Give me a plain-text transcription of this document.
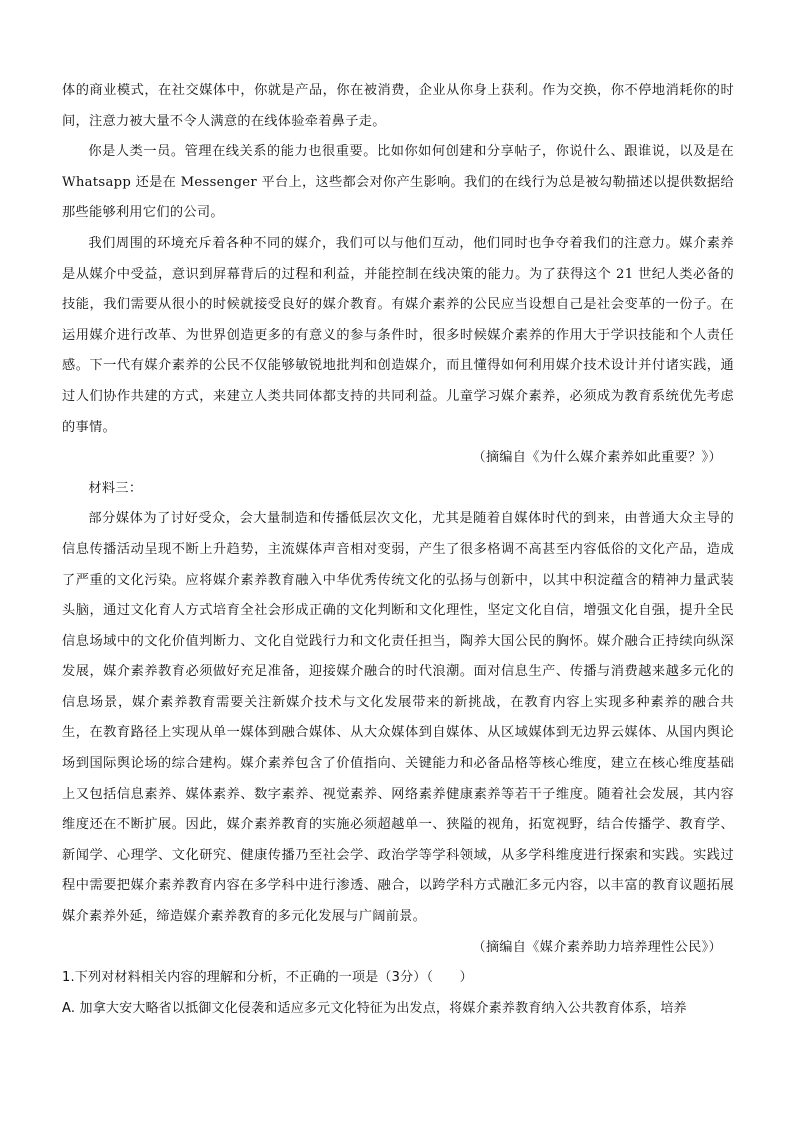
体的商业模式，在社交媒体中，你就是产品，你在被消费，企业从你身上获利。作为交换，你不停地消耗你的时间，注意力被大量不令人满意的在线体验牵着鼻子走。

你是人类一员。管理在线关系的能力也很重要。比如你如何创建和分享帖子，你说什么、跟谁说，以及是在 Whatsapp 还是在 Messenger 平台上，这些都会对你产生影响。我们的在线行为总是被勾勒描述以提供数据给那些能够利用它们的公司。

我们周围的环境充斥着各种不同的媒介，我们可以与他们互动，他们同时也争夺着我们的注意力。媒介素养是从媒介中受益，意识到屏幕背后的过程和利益，并能控制在线决策的能力。为了获得这个 21 世纪人类必备的技能，我们需要从很小的时候就接受良好的媒介教育。有媒介素养的公民应当设想自己是社会变革的一份子。在运用媒介进行改革、为世界创造更多的有意义的参与条件时，很多时候媒介素养的作用大于学识技能和个人责任感。下一代有媒介素养的公民不仅能够敏锐地批判和创造媒介，而且懂得如何利用媒介技术设计并付诸实践，通过人们协作共建的方式，来建立人类共同体都支持的共同利益。儿童学习媒介素养，必须成为教育系统优先考虑的事情。

（摘编自《为什么媒介素养如此重要？》）

材料三：

部分媒体为了讨好受众，会大量制造和传播低层次文化，尤其是随着自媒体时代的到来，由普通大众主导的信息传播活动呈现不断上升趋势，主流媒体声音相对变弱，产生了很多格调不高甚至内容低俗的文化产品，造成了严重的文化污染。应将媒介素养教育融入中华优秀传统文化的弘扬与创新中，以其中积淀蕴含的精神力量武装头脑，通过文化育人方式培育全社会形成正确的文化判断和文化理性，坚定文化自信，增强文化自强，提升全民信息场域中的文化价值判断力、文化自觉践行力和文化责任担当，陶养大国公民的胸怀。媒介融合正持续向纵深发展，媒介素养教育必须做好充足准备，迎接媒介融合的时代浪潮。面对信息生产、传播与消费越来越多元化的信息场景，媒介素养教育需要关注新媒介技术与文化发展带来的新挑战，在教育内容上实现多种素养的融合共生，在教育路径上实现从单一媒体到融合媒体、从大众媒体到自媒体、从区域媒体到无边界云媒体、从国内舆论场到国际舆论场的综合建构。媒介素养包含了价值指向、关键能力和必备品格等核心维度，建立在核心维度基础上又包括信息素养、媒体素养、数字素养、视觉素养、网络素养健康素养等若干子维度。随着社会发展，其内容维度还在不断扩展。因此，媒介素养教育的实施必须超越单一、狭隘的视角，拓宽视野，结合传播学、教育学、新闻学、心理学、文化研究、健康传播乃至社会学、政治学等学科领域，从多学科维度进行探索和实践。实践过程中需要把媒介素养教育内容在多学科中进行渗透、融合，以跨学科方式融汇多元内容，以丰富的教育议题拓展媒介素养外延，缔造媒介素养教育的多元化发展与广阔前景。

（摘编自《媒介素养助力培养理性公民》）

1.下列对材料相关内容的理解和分析，不正确的一项是（3分）（　　）

A. 加拿大安大略省以抵御文化侵袭和适应多元文化特征为出发点，将媒介素养教育纳入公共教育体系，培养
